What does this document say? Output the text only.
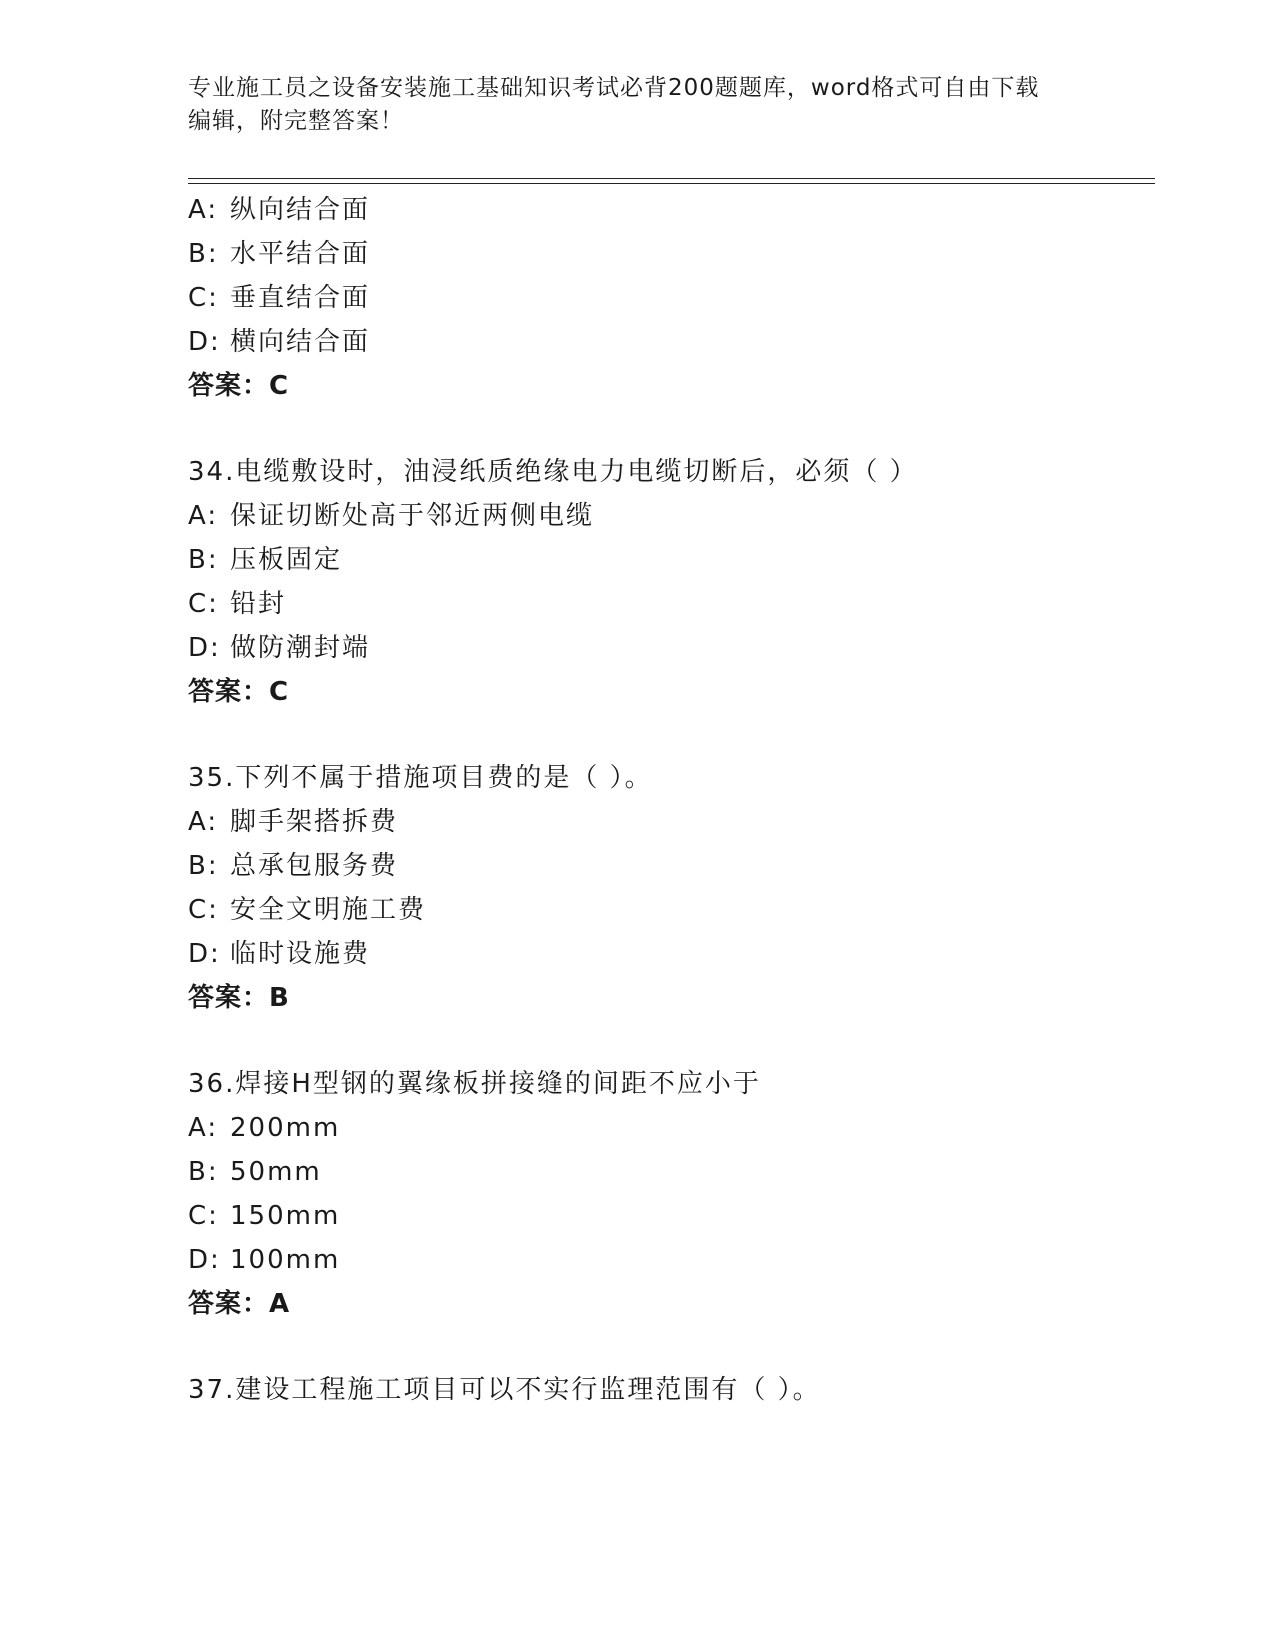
专业施工员之设备安装施工基础知识考试必背200题题库，word格式可自由下载
编辑，附完整答案！
A: 纵向结合面
B: 水平结合面
C: 垂直结合面
D: 横向结合面
答案：C
34.电缆敷设时，油浸纸质绝缘电力电缆切断后，必须（ ）
A: 保证切断处高于邻近两侧电缆
B: 压板固定
C: 铅封
D: 做防潮封端
答案：C
35.下列不属于措施项目费的是（ ）。
A: 脚手架搭拆费
B: 总承包服务费
C: 安全文明施工费
D: 临时设施费
答案：B
36.焊接H型钢的翼缘板拼接缝的间距不应小于
A: 200mm
B: 50mm
C: 150mm
D: 100mm
答案：A
37.建设工程施工项目可以不实行监理范围有（ ）。
